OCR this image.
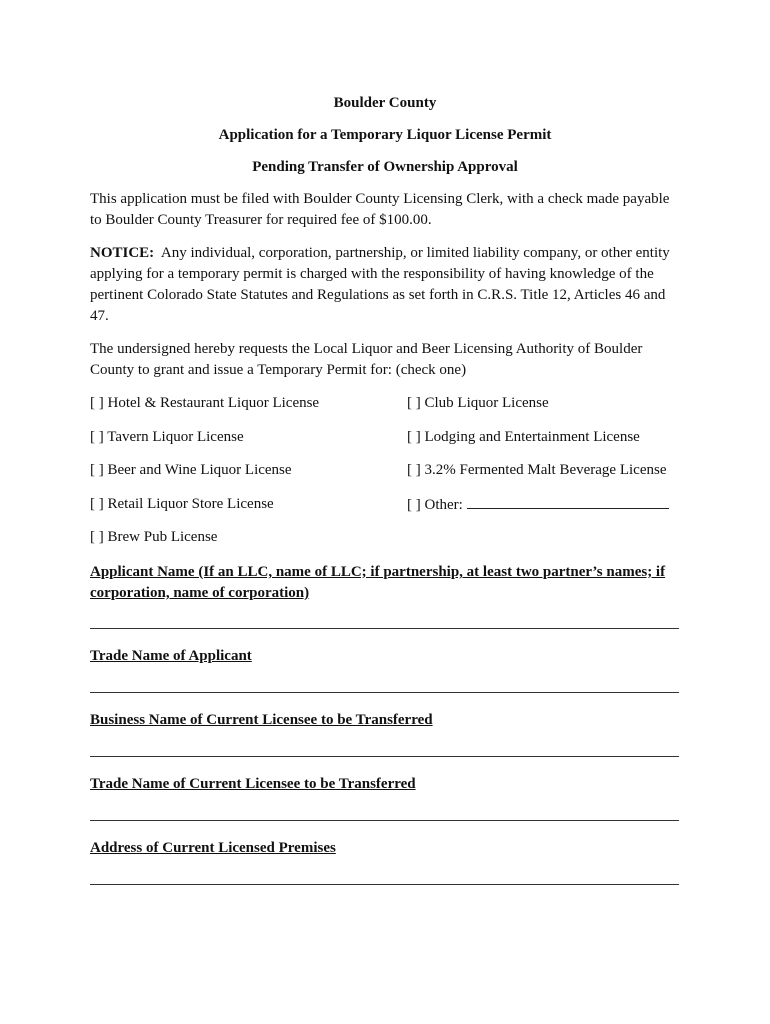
Boulder County
Application for a Temporary Liquor License Permit
Pending Transfer of Ownership Approval

This application must be filed with Boulder County Licensing Clerk, with a check made payable to Boulder County Treasurer for required fee of $100.00.

NOTICE: Any individual, corporation, partnership, or limited liability company, or other entity applying for a temporary permit is charged with the responsibility of having knowledge of the pertinent Colorado State Statutes and Regulations as set forth in C.R.S. Title 12, Articles 46 and 47.

The undersigned hereby requests the Local Liquor and Beer Licensing Authority of Boulder County to grant and issue a Temporary Permit for: (check one)

[ ] Hotel & Restaurant Liquor License	[ ] Club Liquor License
[ ] Tavern Liquor License	[ ] Lodging and Entertainment License
[ ] Beer and Wine Liquor License	[ ] 3.2% Fermented Malt Beverage License
[ ] Retail Liquor Store License	[ ] Other:
[ ] Brew Pub License
Applicant Name (If an LLC, name of LLC; if partnership, at least two partner’s names; if corporation, name of corporation)
Trade Name of Applicant
Business Name of Current Licensee to be Transferred
Trade Name of Current Licensee to be Transferred
Address of Current Licensed Premises
